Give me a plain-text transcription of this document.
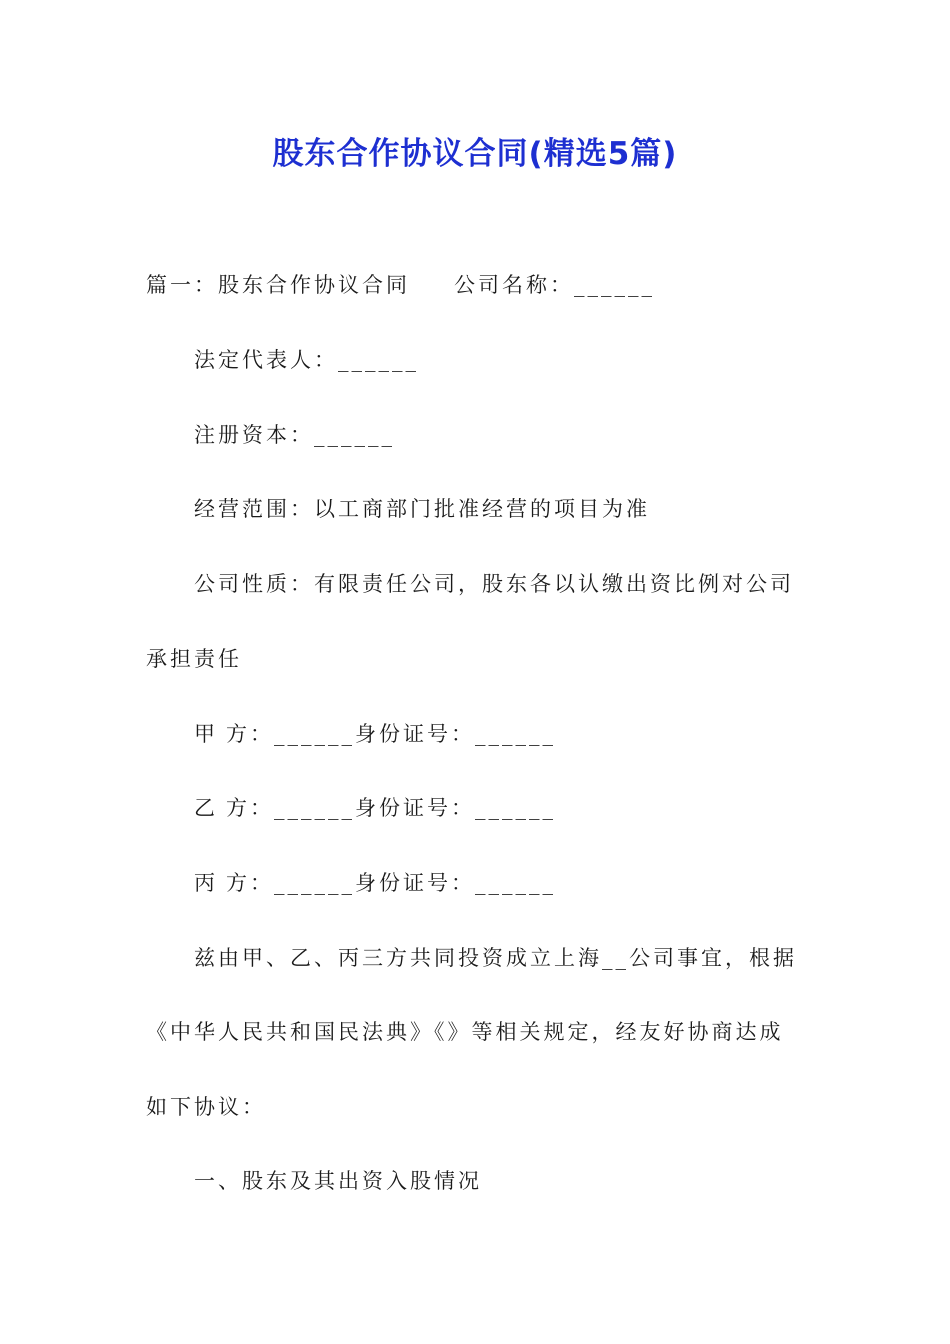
股东合作协议合同(精选5篇)
篇一：股东合作协议合同 公司名称：______
法定代表人：______
注册资本：______
经营范围：以工商部门批准经营的项目为准
公司性质：有限责任公司，股东各以认缴出资比例对公司
承担责任
甲 方：______身份证号：______
乙 方：______身份证号：______
丙 方：______身份证号：______
兹由甲、乙、丙三方共同投资成立上海__公司事宜，根据
《中华人民共和国民法典》《》等相关规定，经友好协商达成
如下协议：
一、股东及其出资入股情况
